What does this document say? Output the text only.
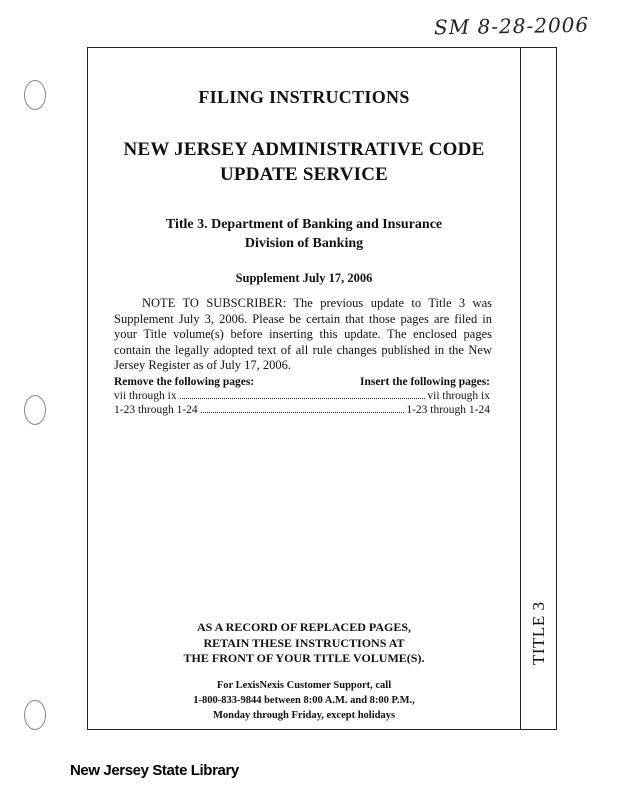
SM 8-28-2006
TITLE 3
FILING INSTRUCTIONS
NEW JERSEY ADMINISTRATIVE CODE
UPDATE SERVICE
Title 3. Department of Banking and Insurance
Division of Banking
Supplement July 17, 2006
NOTE TO SUBSCRIBER: The previous update to Title 3 was Supplement July 3, 2006. Please be certain that those pages are filed in your Title volume(s) before inserting this update. The enclosed pages contain the legally adopted text of all rule changes published in the New Jersey Register as of July 17, 2006.
Remove the following pages:	Insert the following pages:
vii through ix	vii through ix
1-23 through 1-24	1-23 through 1-24
AS A RECORD OF REPLACED PAGES,
RETAIN THESE INSTRUCTIONS AT
THE FRONT OF YOUR TITLE VOLUME(S).
For LexisNexis Customer Support, call
1-800-833-9844 between 8:00 A.M. and 8:00 P.M.,
Monday through Friday, except holidays
New Jersey State Library
